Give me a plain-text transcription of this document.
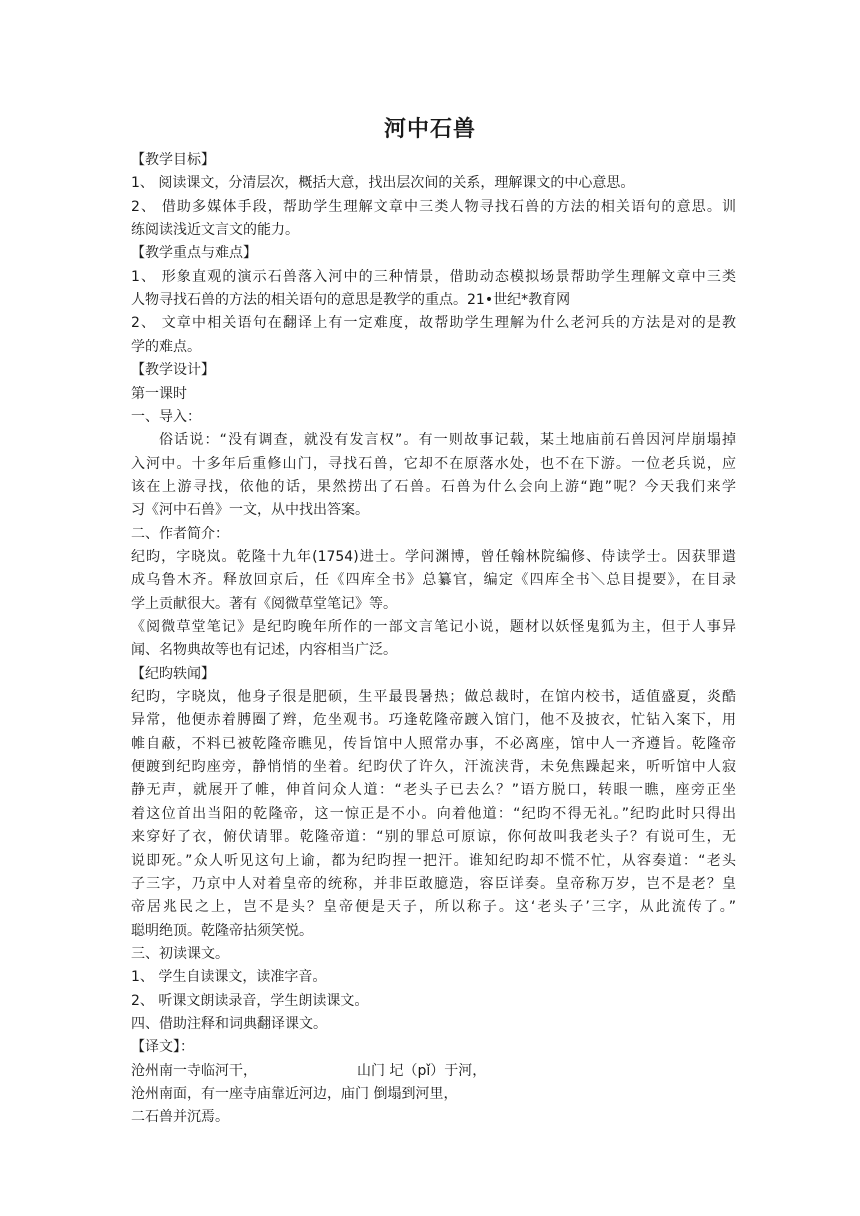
河中石兽
【教学目标】
1、 阅读课文，分清层次，概括大意，找出层次间的关系，理解课文的中心意思。
2、 借助多媒体手段，帮助学生理解文章中三类人物寻找石兽的方法的相关语句的意思。训
练阅读浅近文言文的能力。
【教学重点与难点】
1、 形象直观的演示石兽落入河中的三种情景，借助动态模拟场景帮助学生理解文章中三类
人物寻找石兽的方法的相关语句的意思是教学的重点。21•世纪*教育网
2、 文章中相关语句在翻译上有一定难度，故帮助学生理解为什么老河兵的方法是对的是教
学的难点。
【教学设计】
第一课时
一、导入：
俗话说：“没有调查，就没有发言权”。有一则故事记载，某土地庙前石兽因河岸崩塌掉
入河中。十多年后重修山门，寻找石兽，它却不在原落水处，也不在下游。一位老兵说，应
该在上游寻找，依他的话，果然捞出了石兽。石兽为什么会向上游“跑”呢？今天我们来学
习《河中石兽》一文，从中找出答案。
二、作者简介：
纪昀，字晓岚。乾隆十九年(1754)进士。学问渊博，曾任翰林院编修、侍读学士。因获罪遣
成乌鲁木齐。释放回京后，任《四库全书》总纂官，编定《四库全书＼总目提要》，在目录
学上贡献很大。著有《阅微草堂笔记》等。
《阅微草堂笔记》是纪昀晚年所作的一部文言笔记小说，题材以妖怪鬼狐为主，但于人事异
闻、名物典故等也有记述，内容相当广泛。
【纪昀轶闻】
纪昀，字晓岚，他身子很是肥硕，生平最畏暑热；做总裁时，在馆内校书，适值盛夏，炎酷
异常，他便赤着膊圈了辫，危坐观书。巧逢乾隆帝踱入馆门，他不及披衣，忙钻入案下，用
帷自蔽，不料已被乾隆帝瞧见，传旨馆中人照常办事，不必离座，馆中人一齐遵旨。乾隆帝
便踱到纪昀座旁，静悄悄的坐着。纪昀伏了许久，汗流浃背，未免焦躁起来，听听馆中人寂
静无声，就展开了帷，伸首问众人道：“老头子已去么？”语方脱口，转眼一瞧，座旁正坐
着这位首出当阳的乾隆帝，这一惊正是不小。向着他道：“纪昀不得无礼。”纪昀此时只得出
来穿好了衣，俯伏请罪。乾隆帝道：“别的罪总可原谅，你何故叫我老头子？有说可生，无
说即死。”众人听见这句上谕，都为纪昀捏一把汗。谁知纪昀却不慌不忙，从容奏道：“老头
子三字，乃京中人对着皇帝的统称，并非臣敢臆造，容臣详奏。皇帝称万岁，岂不是老？皇
帝居兆民之上，岂不是头？皇帝便是天子，所以称子。这‘老头子’三字，从此流传了。”
聪明绝顶。乾隆帝拈须笑悦。
三、初读课文。
1、 学生自读课文，读准字音。
2、 听课文朗读录音，学生朗读课文。
四、借助注释和词典翻译课文。
【译文】：
沧州南一寺临河干，	山门 圮（pǐ）于河，
沧州南面，有一座寺庙靠近河边，庙门 倒塌到河里，
二石兽并沉焉。
